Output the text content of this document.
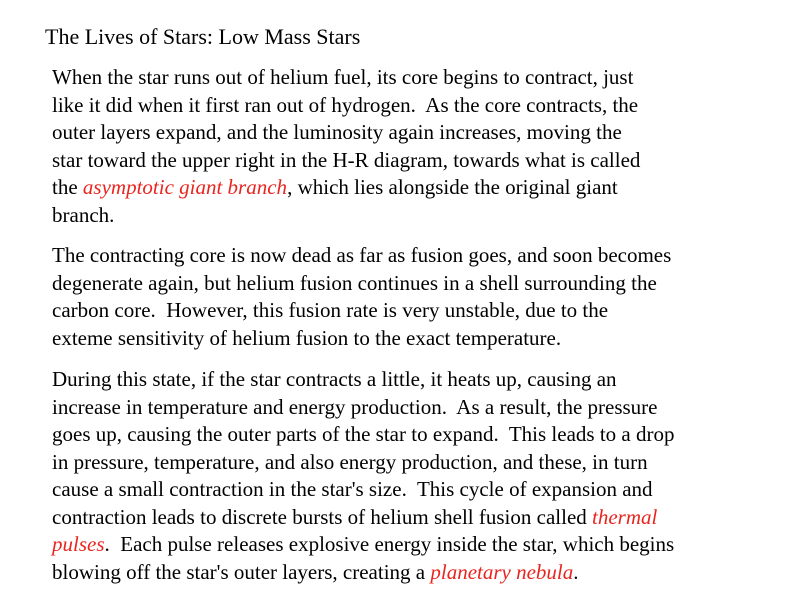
The Lives of Stars: Low Mass Stars
When the star runs out of helium fuel, its core begins to contract, just
like it did when it first ran out of hydrogen.  As the core contracts, the
outer layers expand, and the luminosity again increases, moving the
star toward the upper right in the H-R diagram, towards what is called
the asymptotic giant branch, which lies alongside the original giant
branch.
The contracting core is now dead as far as fusion goes, and soon becomes
degenerate again, but helium fusion continues in a shell surrounding the
carbon core.  However, this fusion rate is very unstable, due to the
exteme sensitivity of helium fusion to the exact temperature.
During this state, if the star contracts a little, it heats up, causing an
increase in temperature and energy production.  As a result, the pressure
goes up, causing the outer parts of the star to expand.  This leads to a drop
in pressure, temperature, and also energy production, and these, in turn
cause a small contraction in the star's size.  This cycle of expansion and
contraction leads to discrete bursts of helium shell fusion called thermal
pulses.  Each pulse releases explosive energy inside the star, which begins
blowing off the star's outer layers, creating a planetary nebula.
